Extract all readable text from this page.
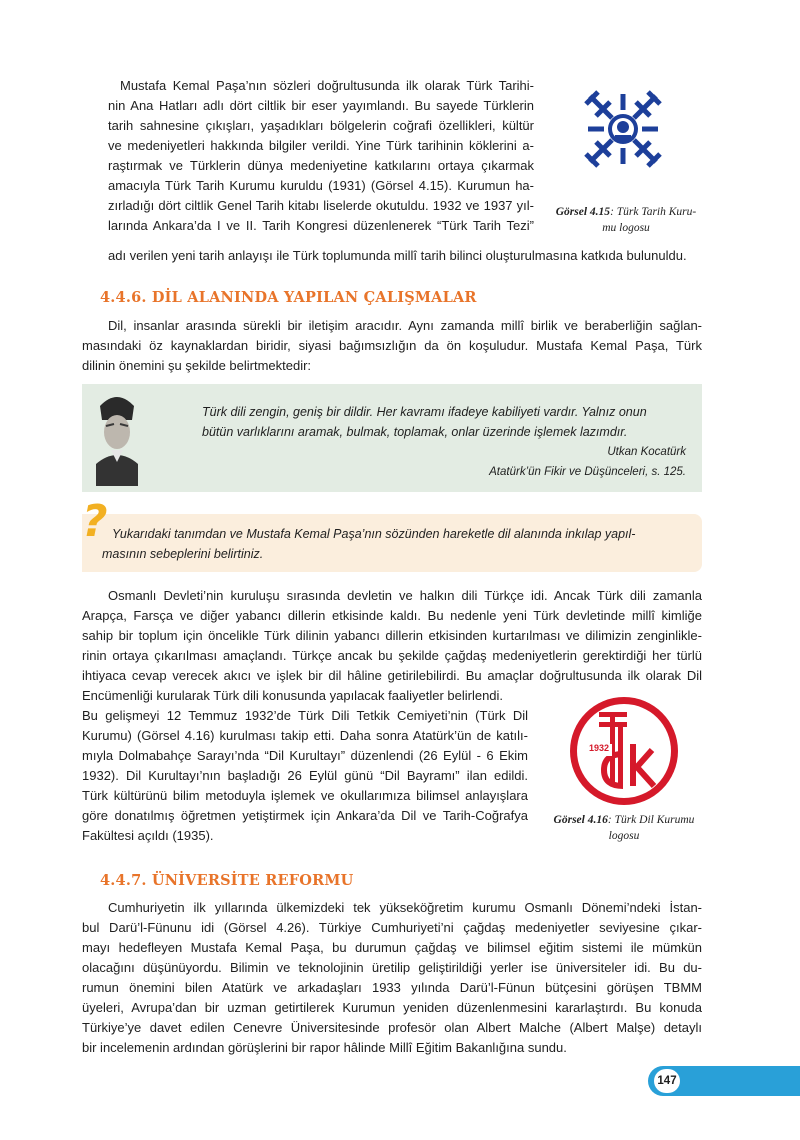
Mustafa Kemal Paşa’nın sözleri doğrultusunda ilk olarak Türk Tarihi-
nin Ana Hatları adlı dört ciltlik bir eser yayımlandı. Bu sayede Türklerin
tarih sahnesine çıkışları, yaşadıkları bölgelerin coğrafi özellikleri, kültür
ve medeniyetleri hakkında bilgiler verildi. Yine Türk tarihinin köklerini a-
raştırmak ve Türklerin dünya medeniyetine katkılarını ortaya çıkarmak
amacıyla Türk Tarih Kurumu kuruldu (1931) (Görsel 4.15). Kurumun ha-
zırladığı dört ciltlik Genel Tarih kitabı liselerde okutuldu. 1932 ve 1937 yıl-
larında Ankara’da I ve II. Tarih Kongresi düzenlenerek “Türk Tarih Tezi”
adı verilen yeni tarih anlayışı ile Türk toplumunda millî tarih bilinci oluşturulmasına katkıda bulunuldu.
Görsel 4.15: Türk Tarih Kuru-
mu logosu
4.4.6. DİL ALANINDA YAPILAN ÇALIŞMALAR
Dil, insanlar arasında sürekli bir iletişim aracıdır. Aynı zamanda millî birlik ve beraberliğin sağlan-
masındaki öz kaynaklardan biridir, siyasi bağımsızlığın da ön koşuludur. Mustafa Kemal Paşa, Türk
dilinin önemini şu şekilde belirtmektedir:
Türk dili zengin, geniş bir dildir. Her kavramı ifadeye kabiliyeti vardır. Yalnız onun
bütün varlıklarını aramak, bulmak, toplamak, onlar üzerinde işlemek lazımdır.
Utkan Kocatürk
Atatürk’ün Fikir ve Düşünceleri, s. 125.
Yukarıdaki tanımdan ve Mustafa Kemal Paşa’nın sözünden hareketle dil alanında inkılap yapıl-
masının sebeplerini belirtiniz.
?
Osmanlı Devleti’nin kuruluşu sırasında devletin ve halkın dili Türkçe idi. Ancak Türk dili zamanla
Arapça, Farsça ve diğer yabancı dillerin etkisinde kaldı. Bu nedenle yeni Türk devletinde millî kimliğe
sahip bir toplum için öncelikle Türk dilinin yabancı dillerin etkisinden kurtarılması ve dilimizin zenginlikle-
rinin ortaya çıkarılması amaçlandı. Türkçe ancak bu şekilde çağdaş medeniyetlerin gerektirdiği her türlü
ihtiyaca cevap verecek akıcı ve işlek bir dil hâline getirilebilirdi. Bu amaçlar doğrultusunda ilk olarak Dil
Encümenliği kurularak Türk dili konusunda yapılacak faaliyetler belirlendi.
Bu gelişmeyi 12 Temmuz 1932’de Türk Dili Tetkik Cemiyeti’nin (Türk Dil
Kurumu) (Görsel 4.16) kurulması takip etti. Daha sonra Atatürk’ün de katılı-
mıyla Dolmabahçe Sarayı’nda “Dil Kurultayı” düzenlendi (26 Eylül - 6 Ekim
1932). Dil Kurultayı’nın başladığı 26 Eylül günü “Dil Bayramı” ilan edildi.
Türk kültürünü bilim metoduyla işlemek ve okullarımıza bilimsel anlayışlara
göre donatılmış öğretmen yetiştirmek için Ankara’da Dil ve Tarih-Coğrafya
Fakültesi açıldı (1935).
1932
Görsel 4.16: Türk Dil Kurumu
logosu
4.4.7. ÜNİVERSİTE REFORMU
Cumhuriyetin ilk yıllarında ülkemizdeki tek yükseköğretim kurumu Osmanlı Dönemi’ndeki İstan-
bul Darü’l-Fünunu idi (Görsel 4.26). Türkiye Cumhuriyeti’ni çağdaş medeniyetler seviyesine çıkar-
mayı hedefleyen Mustafa Kemal Paşa, bu durumun çağdaş ve bilimsel eğitim sistemi ile mümkün
olacağını düşünüyordu. Bilimin ve teknolojinin üretilip geliştirildiği yerler ise üniversiteler idi. Bu du-
rumun önemini bilen Atatürk ve arkadaşları 1933 yılında Darü’l-Fünun bütçesini görüşen TBMM
üyeleri, Avrupa’dan bir uzman getirtilerek Kurumun yeniden düzenlenmesini kararlaştırdı. Bu konuda
Türkiye’ye davet edilen Cenevre Üniversitesinde profesör olan Albert Malche (Albert Malşe) detaylı
bir incelemenin ardından görüşlerini bir rapor hâlinde Millî Eğitim Bakanlığına sundu.
147
